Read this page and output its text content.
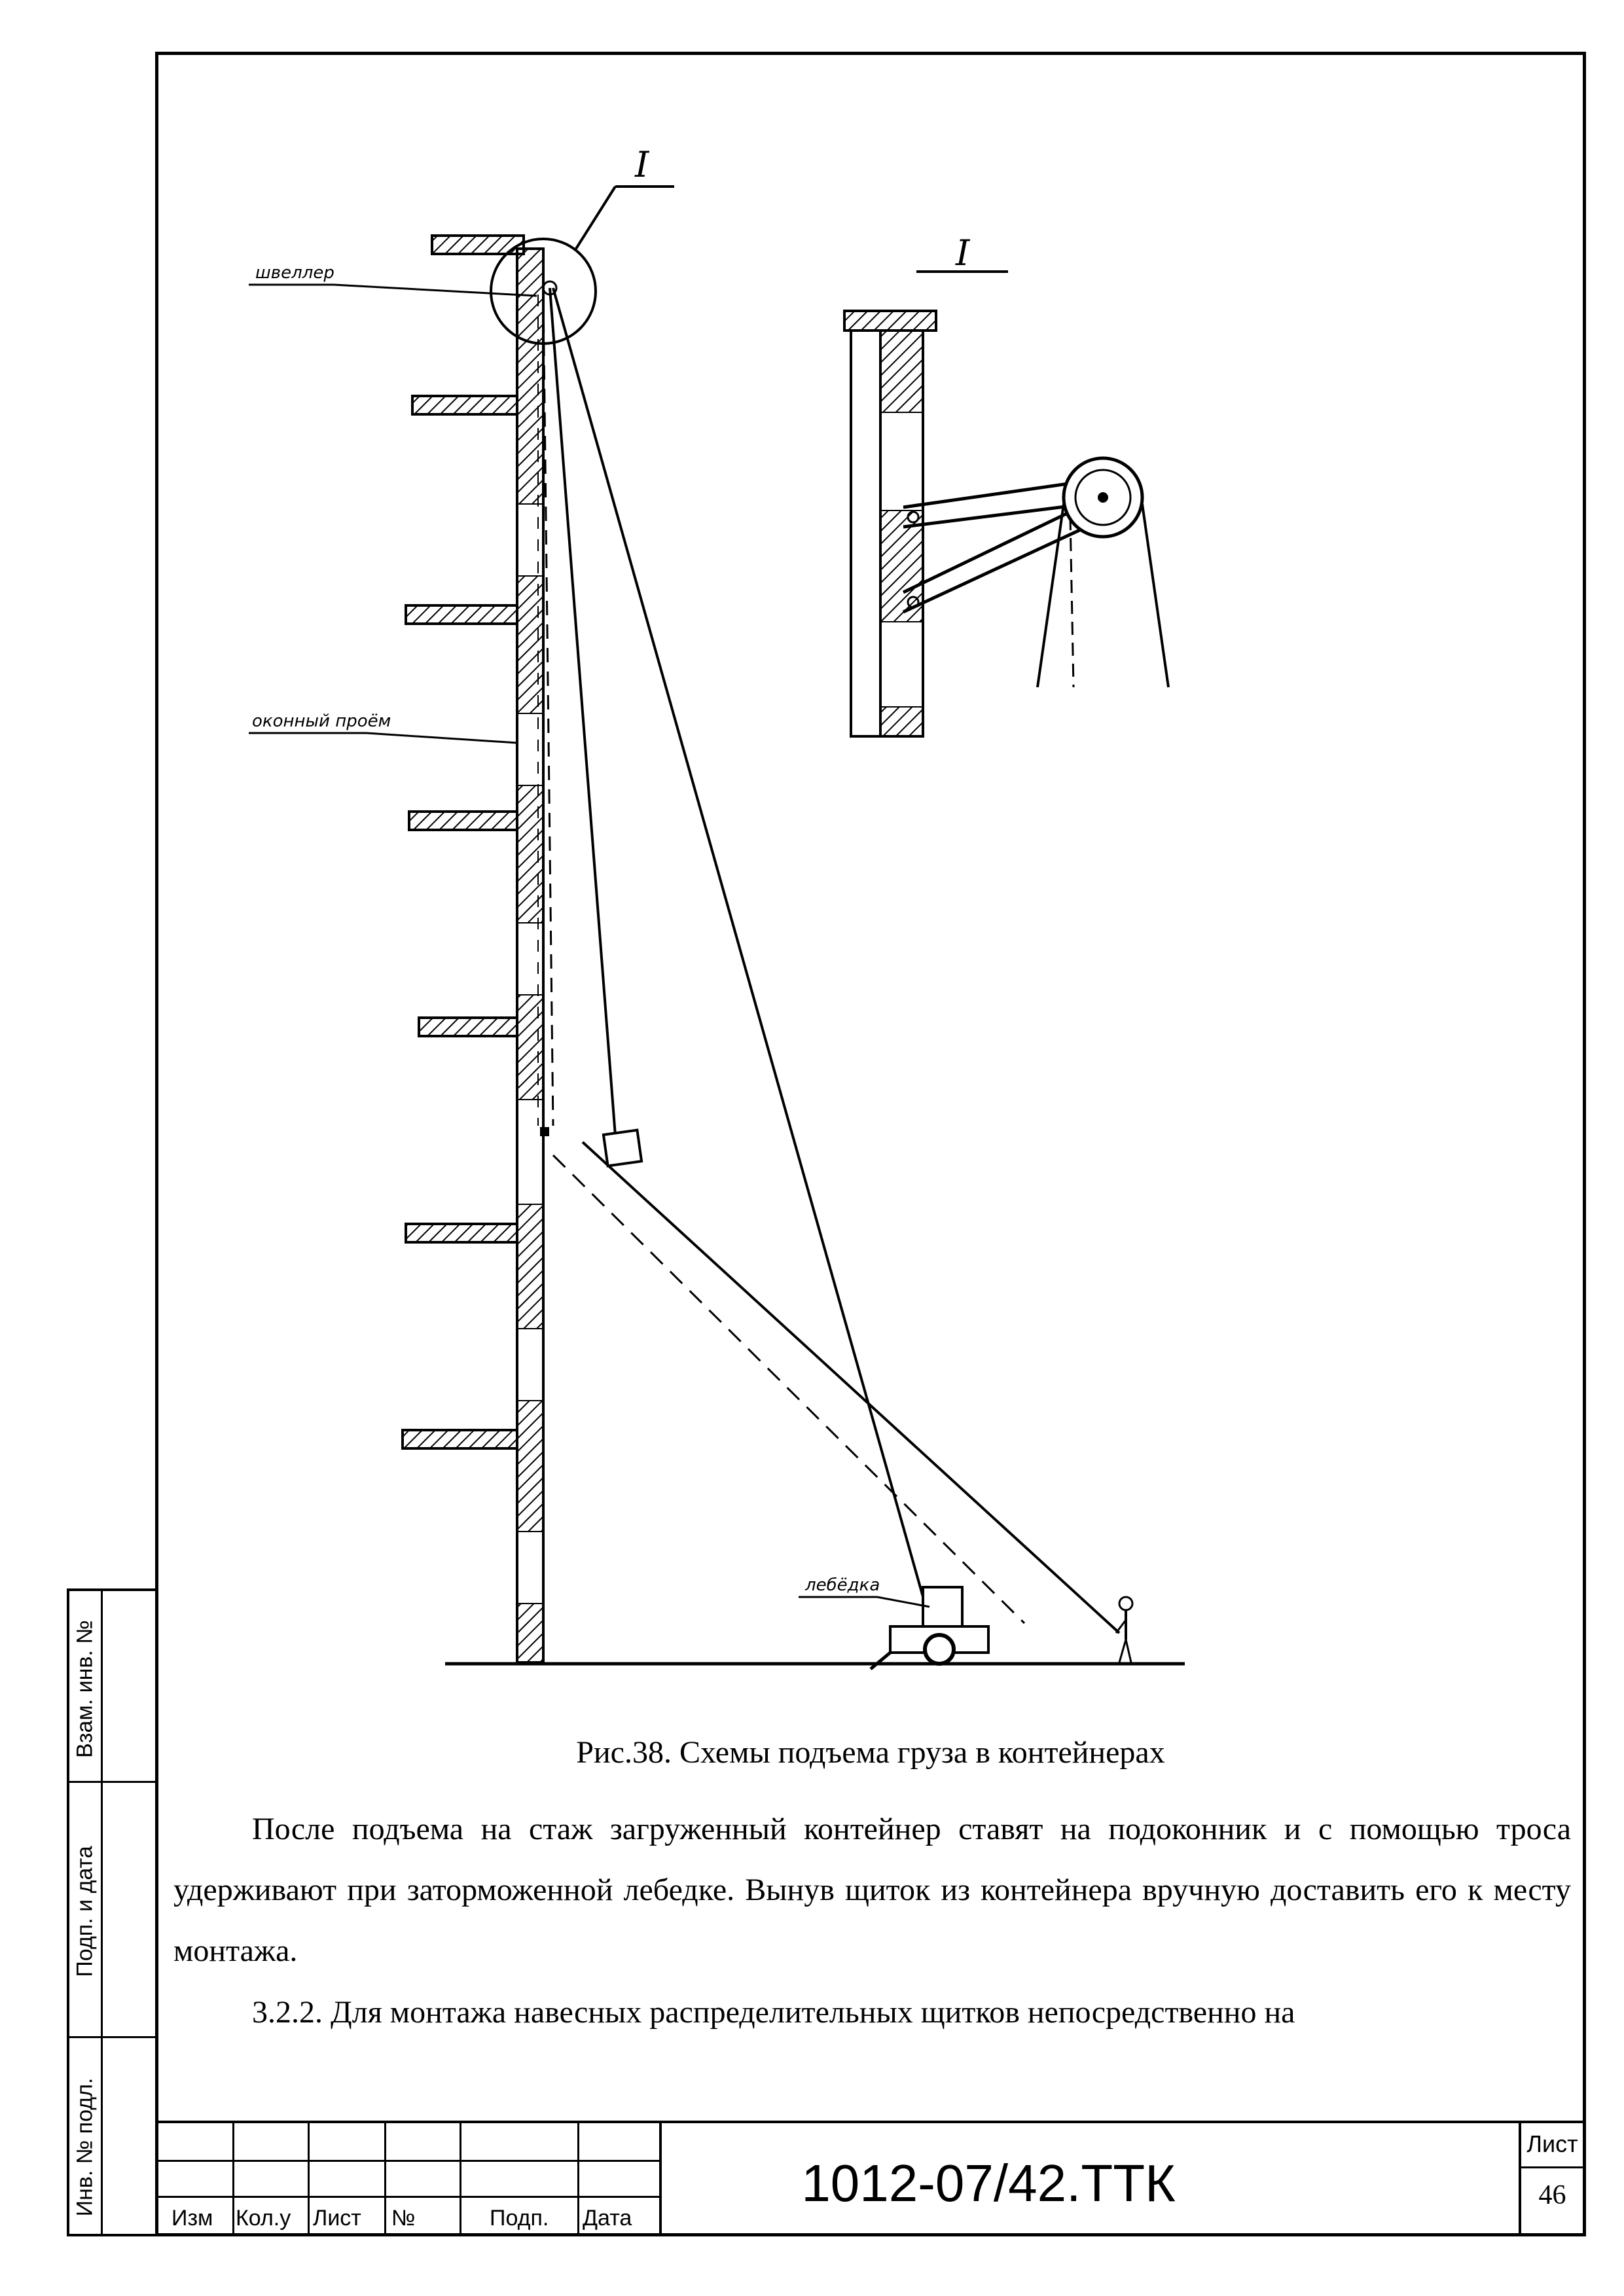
Взам. инв. №
Подп. и дата
Инв. № подл.
I
швеллер
оконный проём
лебёдка
I
Рис.38. Схемы подъема груза в контейнерах
После подъема на стаж загруженный контейнер ставят на подоконник и с помощью троса удерживают при заторможенной лебедке. Вынув щиток из контейнера вручную доставить его к месту монтажа.
3.2.2. Для монтажа навесных распределительных щитков непосредственно на
Изм Кол.у Лист №	Подп. Дата
1012-07/42.ТТК
Лист
46
